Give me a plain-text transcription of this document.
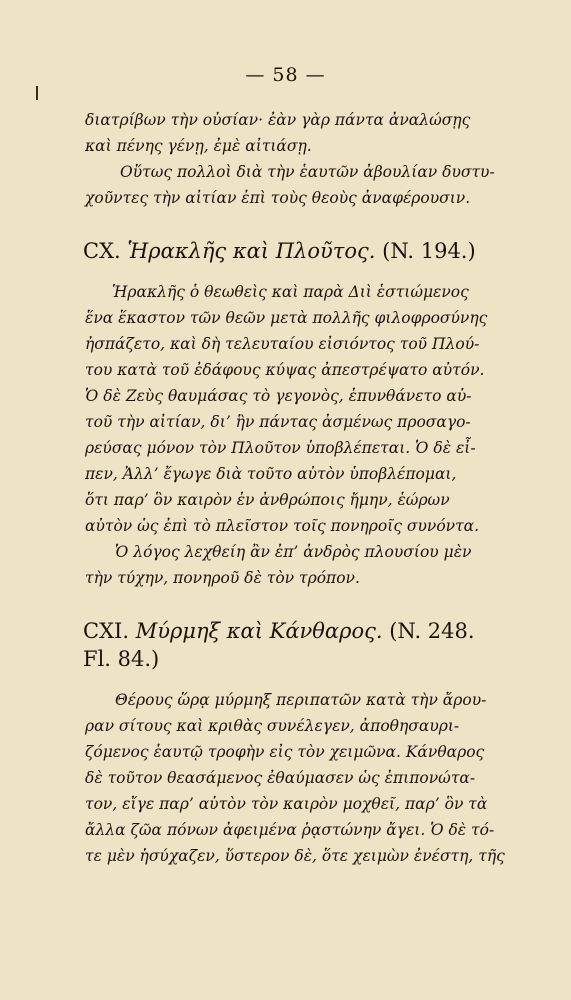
— 58 —
διατρίβων τὴν οὐσίαν· ἐὰν γὰρ πάντα ἀναλώσῃς
καὶ πένης γένῃ, ἐμὲ αἰτιάσῃ.
Οὕτως πολλοὶ διὰ τὴν ἑαυτῶν ἀβουλίαν δυστυ-
χοῦντες τὴν αἰτίαν ἐπὶ τοὺς θεοὺς ἀναφέρουσιν.
CX. Ἡρακλῆς καὶ Πλοῦτος. (N. 194.)
Ἡρακλῆς ὁ θεωθεὶς καὶ παρὰ Διὶ ἑστιώμενος
ἕνα ἕκαστον τῶν θεῶν μετὰ πολλῆς φιλοφροσύνης
ἠσπάζετο, καὶ δὴ τελευταίου εἰσιόντος τοῦ Πλού-
του κατὰ τοῦ ἐδάφους κύψας ἀπεστρέψατο αὐτόν.
Ὁ δὲ Ζεὺς θαυμάσας τὸ γεγονὸς, ἐπυνθάνετο αὐ-
τοῦ τὴν αἰτίαν, δι’ ἣν πάντας ἀσμένως προσαγο-
ρεύσας μόνον τὸν Πλοῦτον ὑποβλέπεται. Ὁ δὲ εἶ-
πεν, Ἀλλ’ ἔγωγε διὰ τοῦτο αὐτὸν ὑποβλέπομαι,
ὅτι παρ’ ὃν καιρὸν ἐν ἀνθρώποις ἤμην, ἑώρων
αὐτὸν ὡς ἐπὶ τὸ πλεῖστον τοῖς πονηροῖς συνόντα.
Ὁ λόγος λεχθείη ἂν ἐπ’ ἀνδρὸς πλουσίου μὲν
τὴν τύχην, πονηροῦ δὲ τὸν τρόπον.
CXI. Μύρμηξ καὶ Κάνθαρος. (N. 248.
Fl. 84.)
Θέρους ὥρᾳ μύρμηξ περιπατῶν κατὰ τὴν ἄρου-
ραν σίτους καὶ κριθὰς συνέλεγεν, ἀποθησαυρι-
ζόμενος ἑαυτῷ τροφὴν εἰς τὸν χειμῶνα. Κάνθαρος
δὲ τοῦτον θεασάμενος ἐθαύμασεν ὡς ἐπιπονώτα-
τον, εἴγε παρ’ αὐτὸν τὸν καιρὸν μοχθεῖ, παρ’ ὃν τὰ
ἄλλα ζῶα πόνων ἀφειμένα ῥᾳστώνην ἄγει. Ὁ δὲ τό-
τε μὲν ἡσύχαζεν, ὕστερον δὲ, ὅτε χειμὼν ἐνέστη, τῆς
